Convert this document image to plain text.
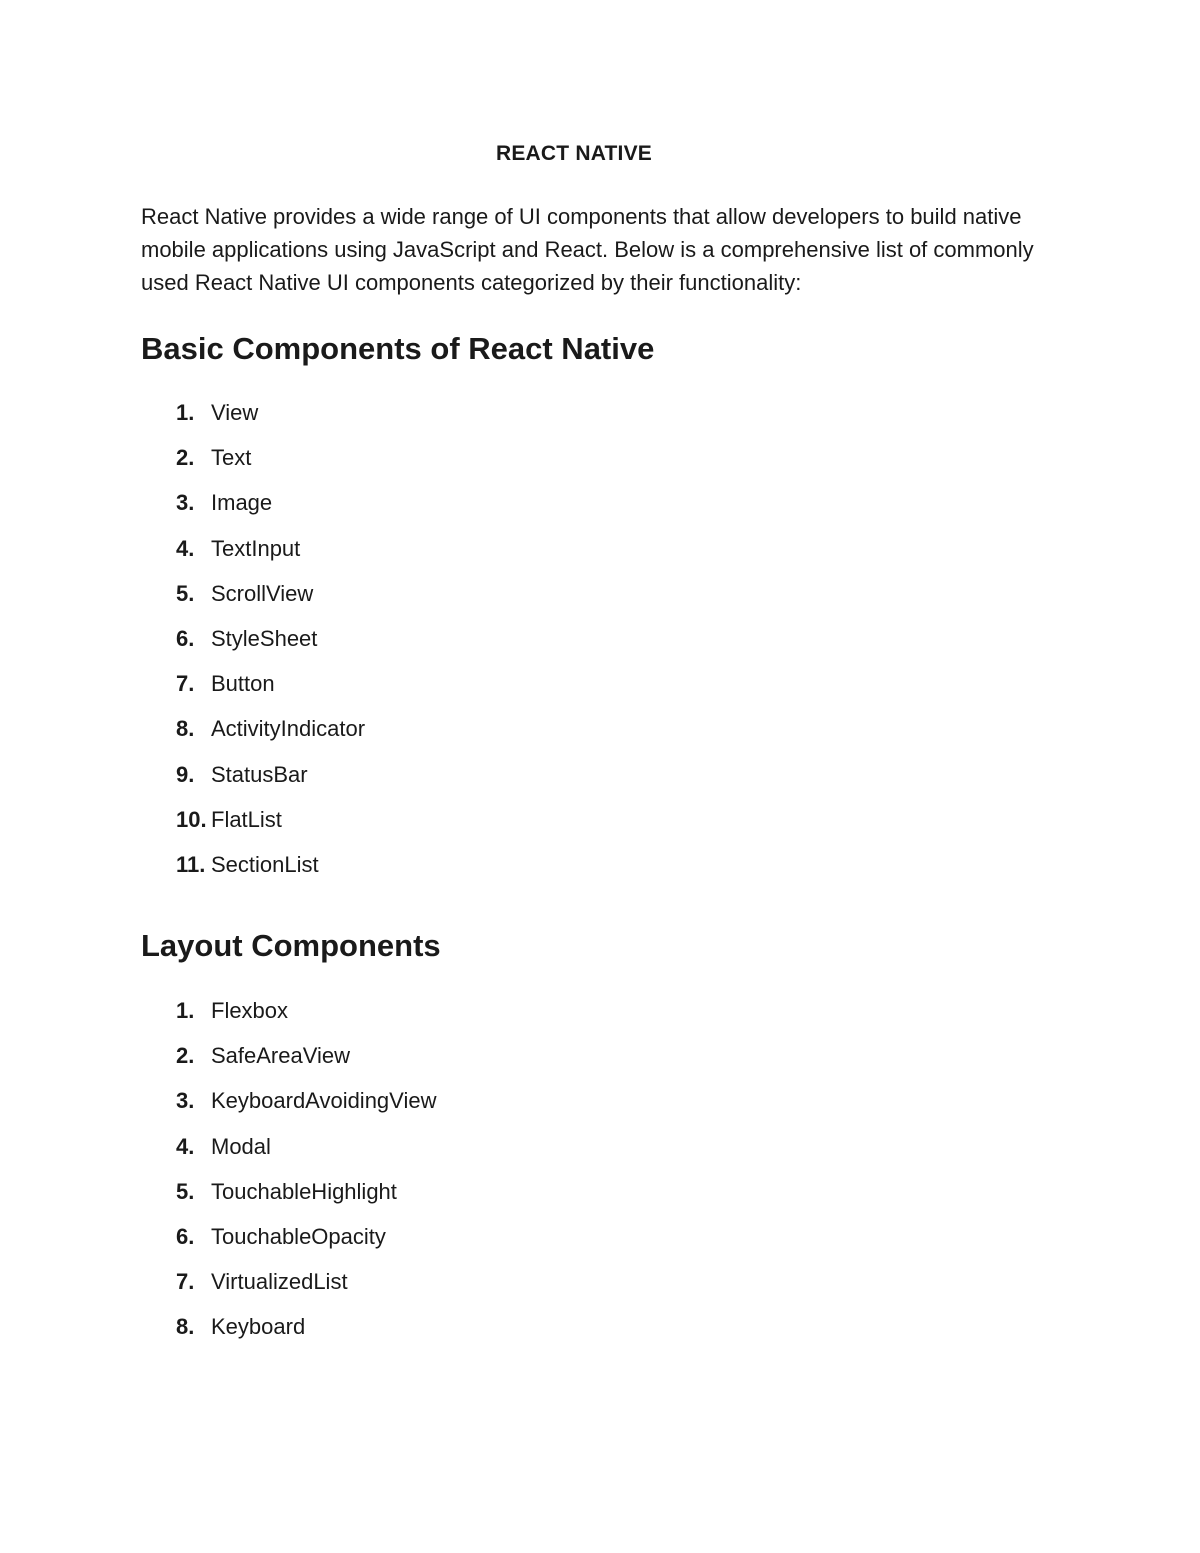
REACT NATIVE

React Native provides a wide range of UI components that allow developers to build native mobile applications using JavaScript and React. Below is a comprehensive list of commonly used React Native UI components categorized by their functionality:

Basic Components of React Native
1. View
2. Text
3. Image
4. TextInput
5. ScrollView
6. StyleSheet
7. Button
8. ActivityIndicator
9. StatusBar
10. FlatList
11. SectionList
Layout Components
1. Flexbox
2. SafeAreaView
3. KeyboardAvoidingView
4. Modal
5. TouchableHighlight
6. TouchableOpacity
7. VirtualizedList
8. Keyboard
